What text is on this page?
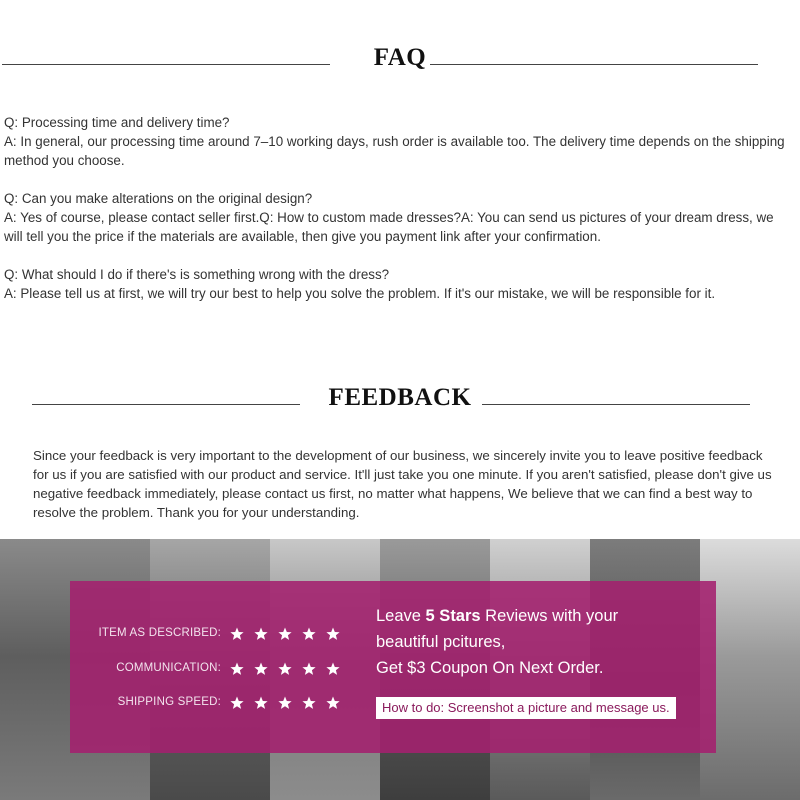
FAQ

Q: Processing time and delivery time?
A: In general, our processing time around 7–10 working days, rush order is available too. The delivery time depends on the shipping method you choose.

Q: Can you make alterations on the original design?
A: Yes of course, please contact seller first.Q: How to custom made dresses?A: You can send us pictures of your dream dress, we will tell you the price if the materials are available, then give you payment link after your confirmation.

Q: What should I do if there's is something wrong with the dress?
A: Please tell us at first, we will try our best to help you solve the problem. If it's our mistake, we will be responsible for it.

FEEDBACK

Since your feedback is very important to the development of our business, we sincerely invite you to leave positive feedback for us if you are satisfied with our product and service. It'll just take you one minute. If you aren't satisfied, please don't give us negative feedback immediately, please contact us first, no matter what happens, We believe that we can find a best way to resolve the problem. Thank you for your understanding.

ITEM AS DESCRIBED:
COMMUNICATION:
SHIPPING SPEED:
Leave 5 Stars Reviews with your
beautiful pcitures,
Get $3 Coupon On Next Order.
How to do: Screenshot a picture and message us.
